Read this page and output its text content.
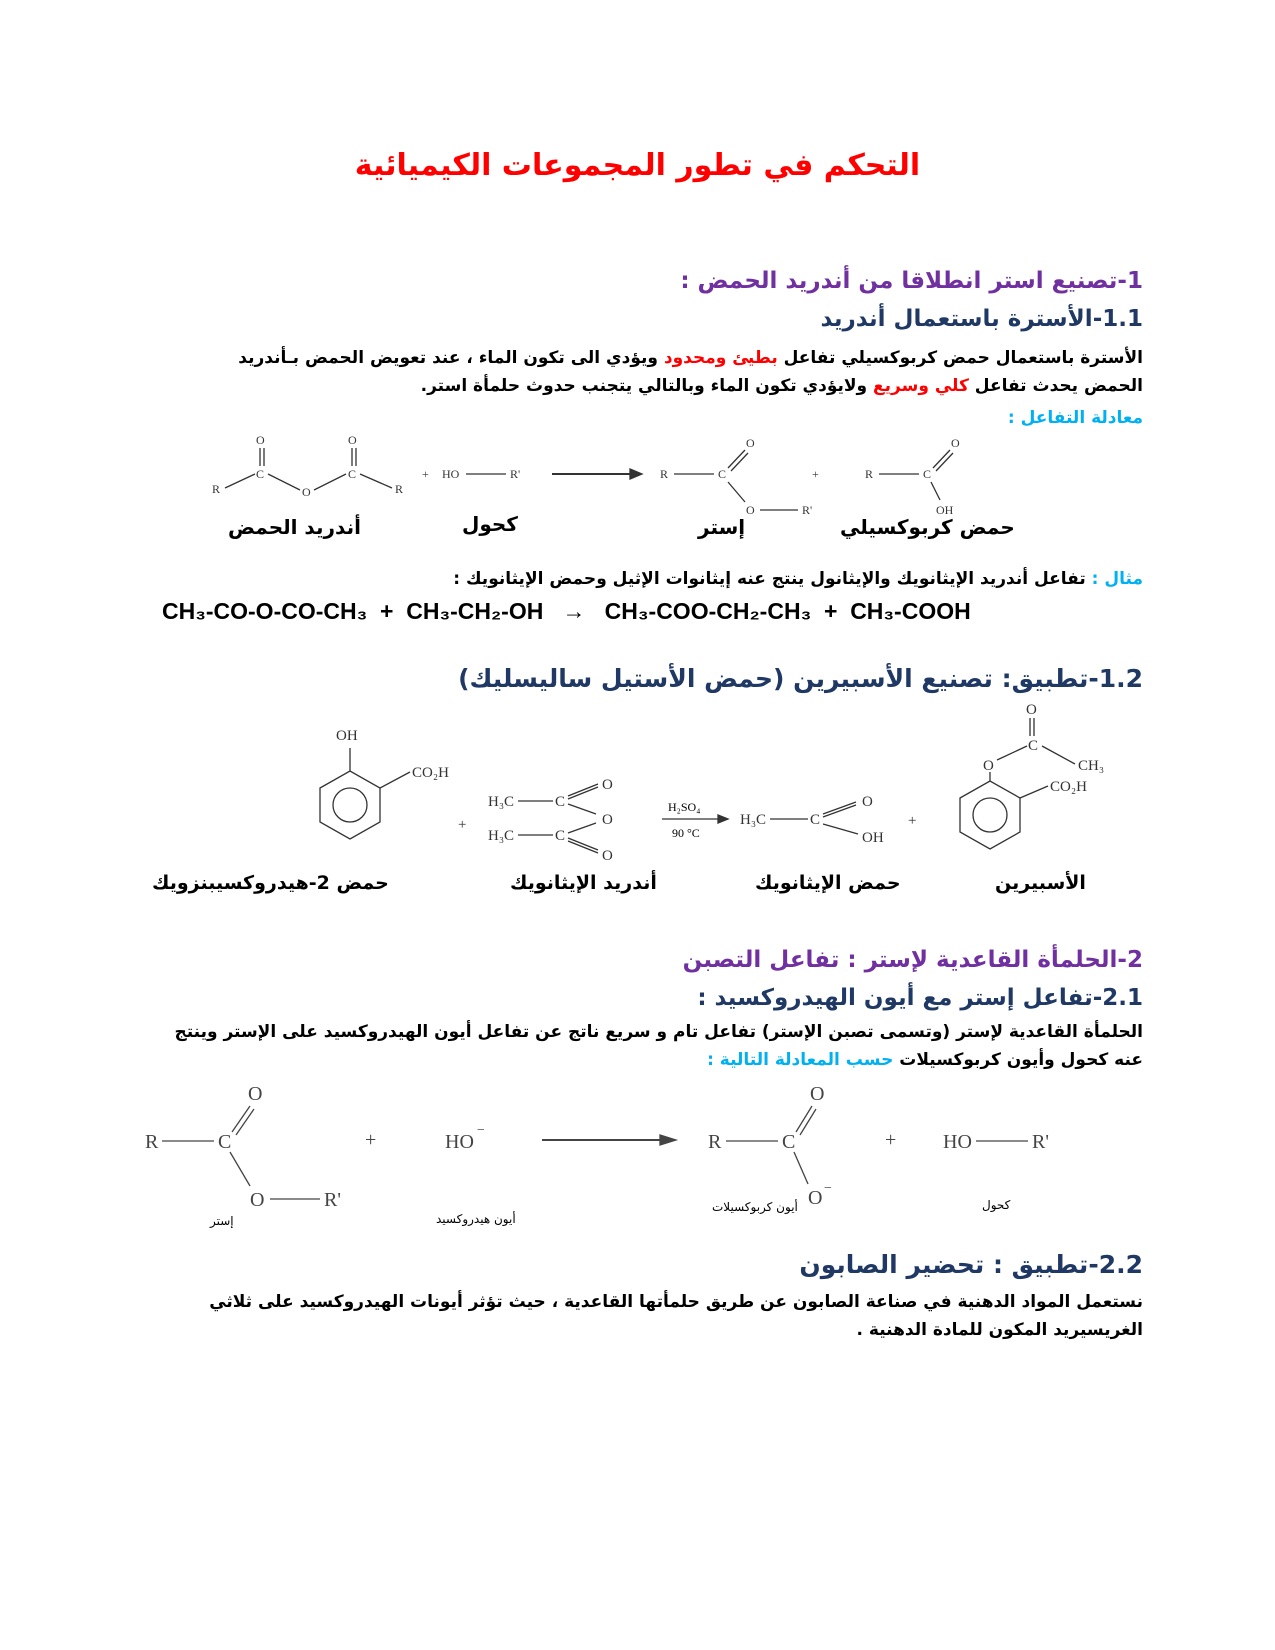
التحكم في تطور المجموعات الكيميائية
1-تصنيع استر انطلاقا من أندريد الحمض :
1.1-الأسترة باستعمال أندريد
الأسترة باستعمال حمض كربوكسيلي تفاعل بطيئ ومحدود ويؤدي الى تكون الماء ، عند تعويض الحمض بـأندريد
الحمض يحدث تفاعل كلي وسريع ولايؤدي تكون الماء وبالتالي يتجنب حدوث حلمأة استر.
معادلة التفاعل :
R
C
O
O
C
O
R
+ HO	R'	R	C
O
O	R'
+	R	C
O
OH
أندريد الحمض	كحول	إستر	حمض كربوكسيلي
مثال : تفاعل أندريد الإيثانويك والإيثانول ينتج عنه إيثانوات الإثيل وحمض الإيثانويك :
CH₃-CO-O-CO-CH₃  +  CH₃-CH₂-OH   →   CH₃-COO-CH₂-CH₃  +  CH₃-COOH
1.2-تطبيق: تصنيع الأسبيرين (حمض الأستيل ساليسليك)
OH
CO₂H
+
H₃C	C
O
O
H₃C	C
O
H₃C	C
O
OH
+
O
C
O
CH₃
CO₂H
H₂SO₄
90 °C
حمض 2-هيدروكسيبنزويك	أندريد الإيثانويك	حمض الإيثانويك	الأسبيرين
2-الحلمأة القاعدية لإستر : تفاعل التصبن
2.1-تفاعل إستر مع أيون الهيدروكسيد :
الحلمأة القاعدية لإستر (وتسمى تصبن الإستر) تفاعل تام و سريع ناتج عن تفاعل أيون الهيدروكسيد على الإستر وينتج
عنه كحول وأيون كربوكسيلات حسب المعادلة التالية :
R	C
O
O	R'
+	HO
−
R	C
O
O −
+ HO	R'
إستر	أيون هيدروكسيد
أيون كربوكسيلات	كحول
2.2-تطبيق : تحضير الصابون
نستعمل المواد الدهنية في صناعة الصابون عن طريق حلمأتها القاعدية ، حيث تؤثر أيونات الهيدروكسيد على ثلاثي
الغريسيريد المكون للمادة الدهنية .
